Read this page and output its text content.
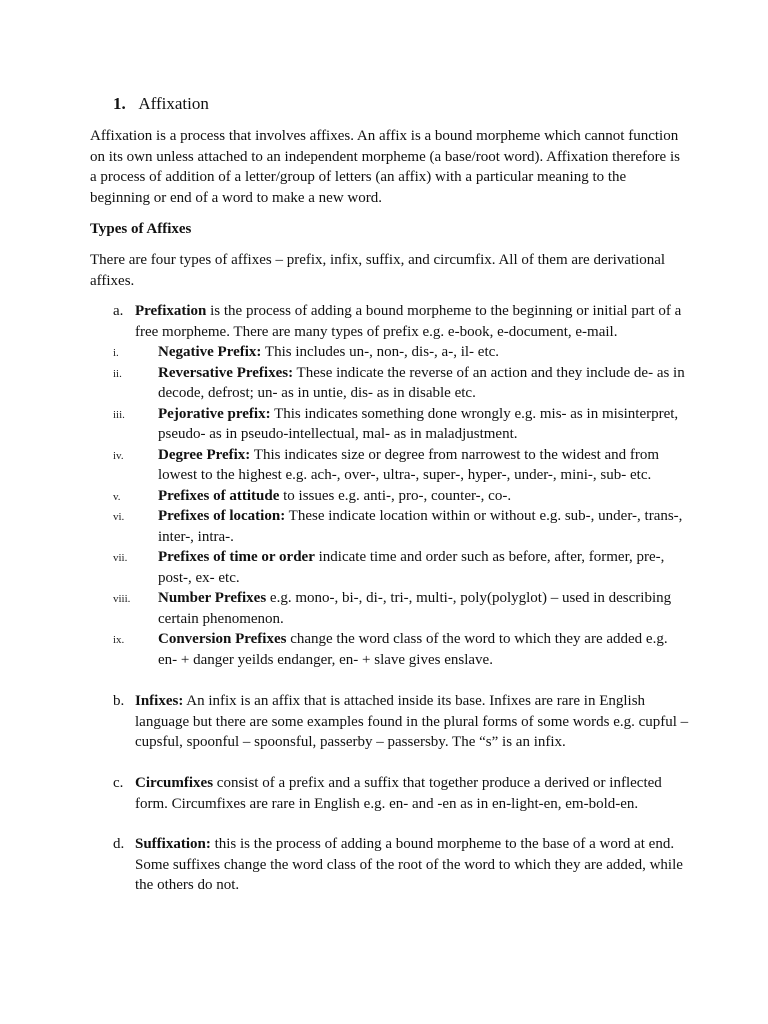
1. Affixation

Affixation is a process that involves affixes. An affix is a bound morpheme which cannot function on its own unless attached to an independent morpheme (a base/root word). Affixation therefore is a process of addition of a letter/group of letters (an affix) with a particular meaning to the beginning or end of a word to make a new word.

Types of Affixes

There are four types of affixes – prefix, infix, suffix, and circumfix. All of them are derivational affixes.

a. Prefixation is the process of adding a bound morpheme to the beginning or initial part of a free morpheme. There are many types of prefix e.g. e-book, e-document, e-mail.

i.	Negative Prefix: This includes un-, non-, dis-, a-, il- etc.

ii. Reversative Prefixes: These indicate the reverse of an action and they include de- as in decode, defrost; un- as in untie, dis- as in disable etc.

iii. Pejorative prefix: This indicates something done wrongly e.g. mis- as in misinterpret, pseudo- as in pseudo-intellectual, mal- as in maladjustment.

iv. Degree Prefix: This indicates size or degree from narrowest to the widest and from lowest to the highest e.g. ach-, over-, ultra-, super-, hyper-, under-, mini-, sub- etc.

v. Prefixes of attitude to issues e.g. anti-, pro-, counter-, co-.

vi. Prefixes of location: These indicate location within or without e.g. sub-, under-, trans-, inter-, intra-.

vii. Prefixes of time or order indicate time and order such as before, after, former, pre-, post-, ex- etc.

viii. Number Prefixes e.g. mono-, bi-, di-, tri-, multi-, poly(polyglot) – used in describing certain phenomenon.

ix. Conversion Prefixes change the word class of the word to which they are added e.g. en- + danger yeilds endanger, en- + slave gives enslave.

b. Infixes: An infix is an affix that is attached inside its base. Infixes are rare in English language but there are some examples found in the plural forms of some words e.g. cupful – cupsful, spoonful – spoonsful, passerby – passersby. The “s” is an infix.

c. Circumfixes consist of a prefix and a suffix that together produce a derived or inflected form. Circumfixes are rare in English e.g. en- and -en as in en-light-en, em-bold-en.

d. Suffixation: this is the process of adding a bound morpheme to the base of a word at end. Some suffixes change the word class of the root of the word to which they are added, while the others do not.
